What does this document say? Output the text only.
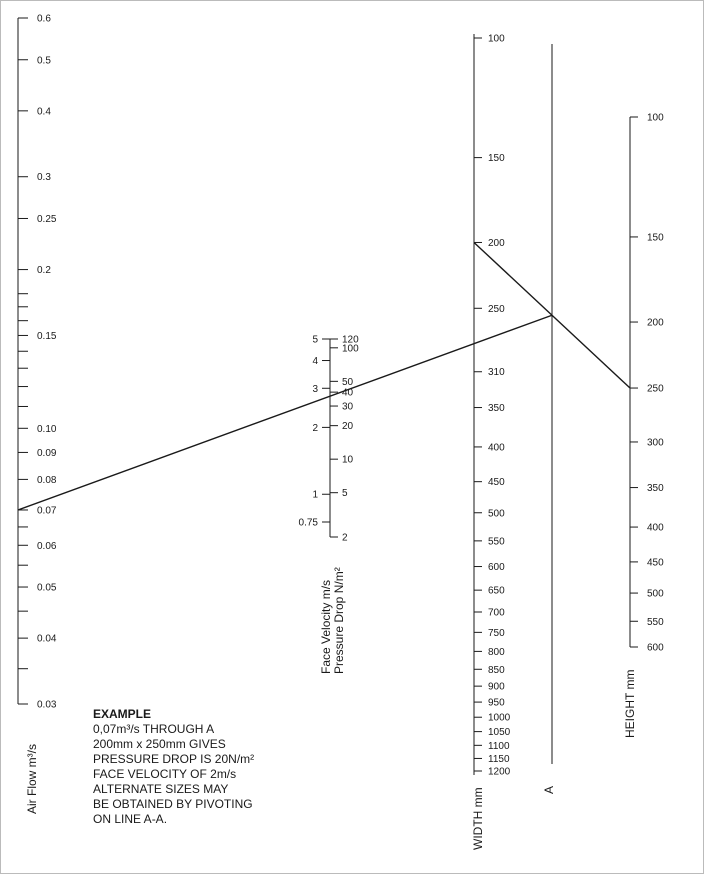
0.6
0.5
0.4
0.3
0.25
0.2
0.15
0.10
0.09
0.08
0.07
0.06
0.05
0.04
0.03
5
4
3
2
1
0.75
120
100
50
40
30
20
10
5
2
100
150
200
250
310
350
400
450
500
550
600
650
700
750
800
850
900
950
1000
1050
1100
1150
1200
100
150
200
250
300
350
400
450
500
550
600
Air Flow m³/s
Face Velocity m/s Pressure Drop N/m²
WIDTH mm	A
HEIGHT mm
EXAMPLE
0,07m³/s THROUGH A
200mm x 250mm GIVES
PRESSURE DROP IS 20N/m²
FACE VELOCITY OF 2m/s
ALTERNATE SIZES MAY
BE OBTAINED BY PIVOTING
ON LINE A-A.
